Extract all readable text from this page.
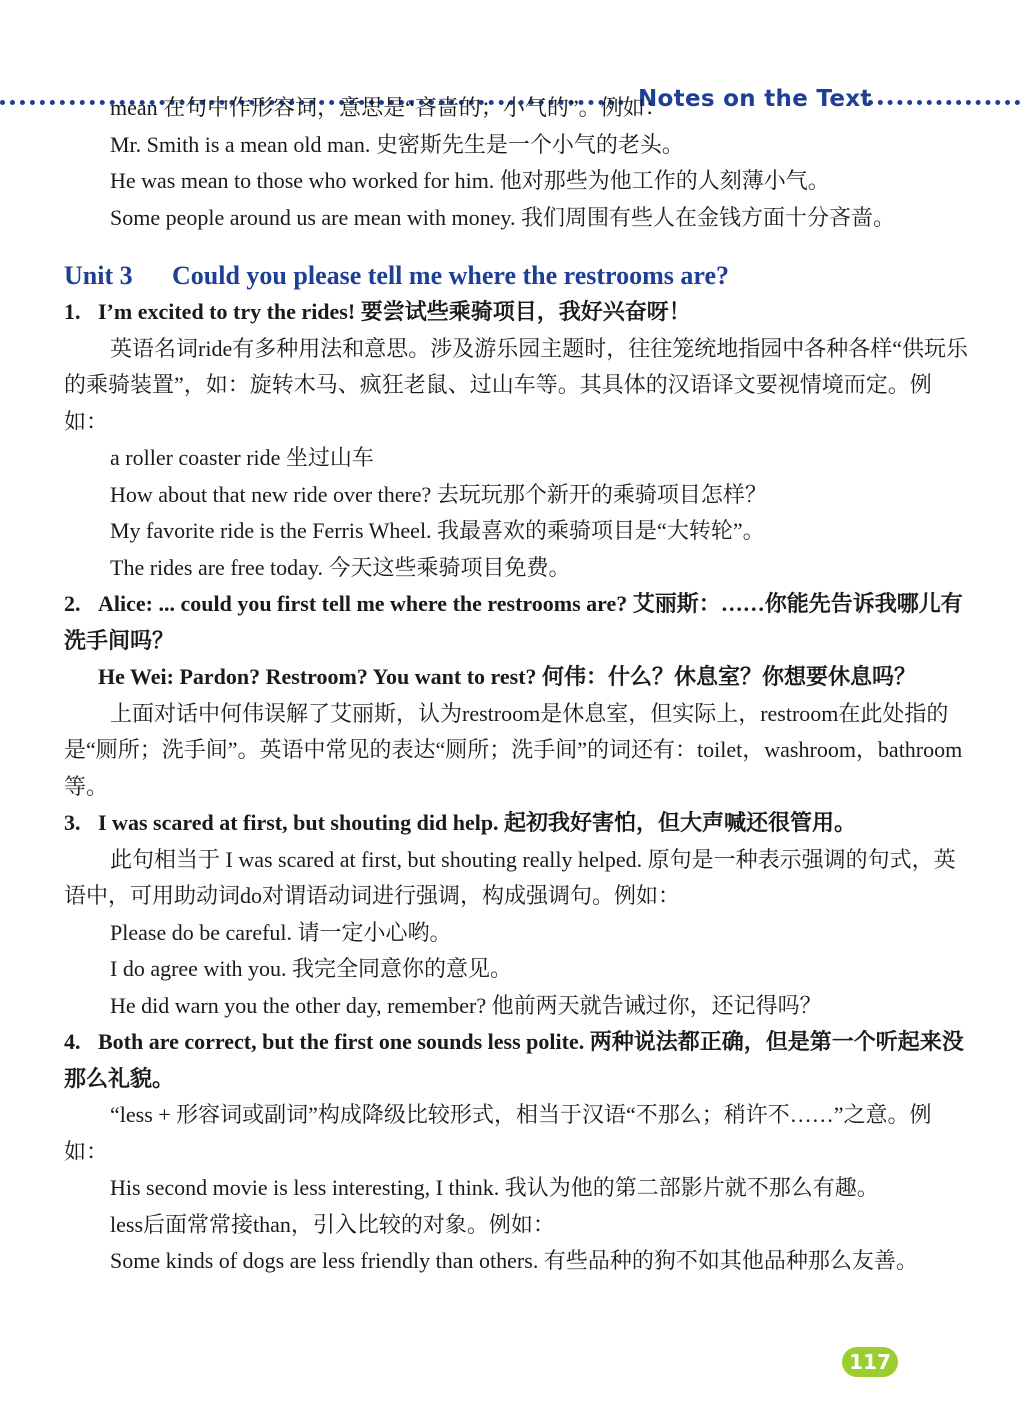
Notes on the Text

mean 在句中作形容词，意思是“吝啬的；小气的”。例如：

Mr. Smith is a mean old man. 史密斯先生是一个小气的老头。

He was mean to those who worked for him. 他对那些为他工作的人刻薄小气。

Some people around us are mean with money. 我们周围有些人在金钱方面十分吝啬。

Unit 3 Could you please tell me where the restrooms are?

1. I’m excited to try the rides! 要尝试些乘骑项目，我好兴奋呀！

英语名词ride有多种用法和意思。涉及游乐园主题时，往往笼统地指园中各种各样“供玩乐的乘骑装置”，如：旋转木马、疯狂老鼠、过山车等。其具体的汉语译文要视情境而定。例如：

a roller coaster ride 坐过山车

How about that new ride over there? 去玩玩那个新开的乘骑项目怎样？

My favorite ride is the Ferris Wheel. 我最喜欢的乘骑项目是“大转轮”。

The rides are free today. 今天这些乘骑项目免费。

2. Alice: ... could you first tell me where the restrooms are? 艾丽斯：……你能先告诉我哪儿有洗手间吗？

He Wei: Pardon? Restroom? You want to rest? 何伟：什么？休息室？你想要休息吗？

上面对话中何伟误解了艾丽斯，认为restroom是休息室，但实际上，restroom在此处指的是“厕所；洗手间”。英语中常见的表达“厕所；洗手间”的词还有：toilet，washroom，bathroom等。

3. I was scared at first, but shouting did help. 起初我好害怕，但大声喊还很管用。

此句相当于 I was scared at first, but shouting really helped. 原句是一种表示强调的句式，英语中，可用助动词do对谓语动词进行强调，构成强调句。例如：

Please do be careful. 请一定小心哟。

I do agree with you. 我完全同意你的意见。

He did warn you the other day, remember? 他前两天就告诫过你，还记得吗？

4. Both are correct, but the first one sounds less polite. 两种说法都正确，但是第一个听起来没那么礼貌。

“less + 形容词或副词”构成降级比较形式，相当于汉语“不那么；稍许不……”之意。例如：

His second movie is less interesting, I think. 我认为他的第二部影片就不那么有趣。

less后面常常接than，引入比较的对象。例如：

Some kinds of dogs are less friendly than others. 有些品种的狗不如其他品种那么友善。

117
